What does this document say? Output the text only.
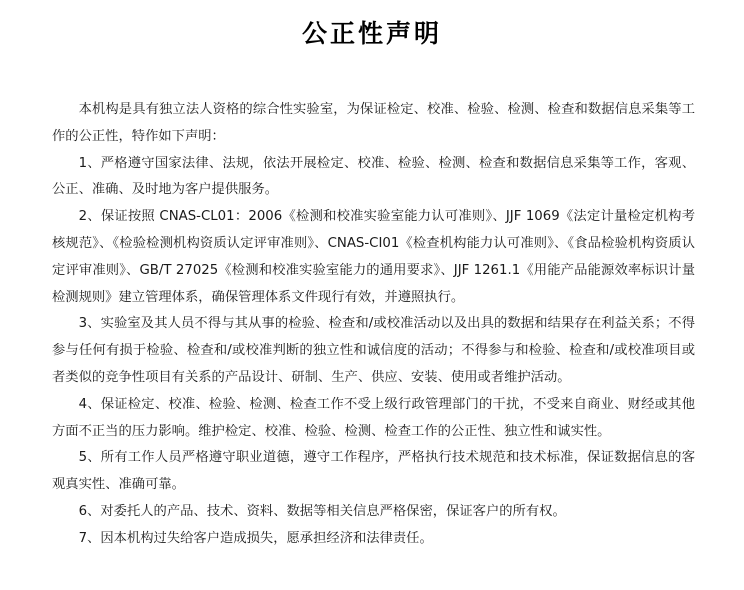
公正性声明

本机构是具有独立法人资格的综合性实验室，为保证检定、校准、检验、检测、检查和数据信息采集等工作的公正性，特作如下声明：

1、严格遵守国家法律、法规，依法开展检定、校准、检验、检测、检查和数据信息采集等工作，客观、公正、准确、及时地为客户提供服务。

2、保证按照 CNAS-CL01：2006《检测和校准实验室能力认可准则》、JJF 1069《法定计量检定机构考核规范》、《检验检测机构资质认定评审准则》、CNAS-CI01《检查机构能力认可准则》、《食品检验机构资质认定评审准则》、GB/T 27025《检测和校准实验室能力的通用要求》、JJF 1261.1《用能产品能源效率标识计量检测规则》建立管理体系，确保管理体系文件现行有效，并遵照执行。

3、实验室及其人员不得与其从事的检验、检查和/或校准活动以及出具的数据和结果存在利益关系；不得参与任何有损于检验、检查和/或校准判断的独立性和诚信度的活动；不得参与和检验、检查和/或校准项目或者类似的竞争性项目有关系的产品设计、研制、生产、供应、安装、使用或者维护活动。

4、保证检定、校准、检验、检测、检查工作不受上级行政管理部门的干扰，不受来自商业、财经或其他方面不正当的压力影响。维护检定、校准、检验、检测、检查工作的公正性、独立性和诚实性。

5、所有工作人员严格遵守职业道德，遵守工作程序，严格执行技术规范和技术标准，保证数据信息的客观真实性、准确可靠。

6、对委托人的产品、技术、资料、数据等相关信息严格保密，保证客户的所有权。

7、因本机构过失给客户造成损失，愿承担经济和法律责任。
